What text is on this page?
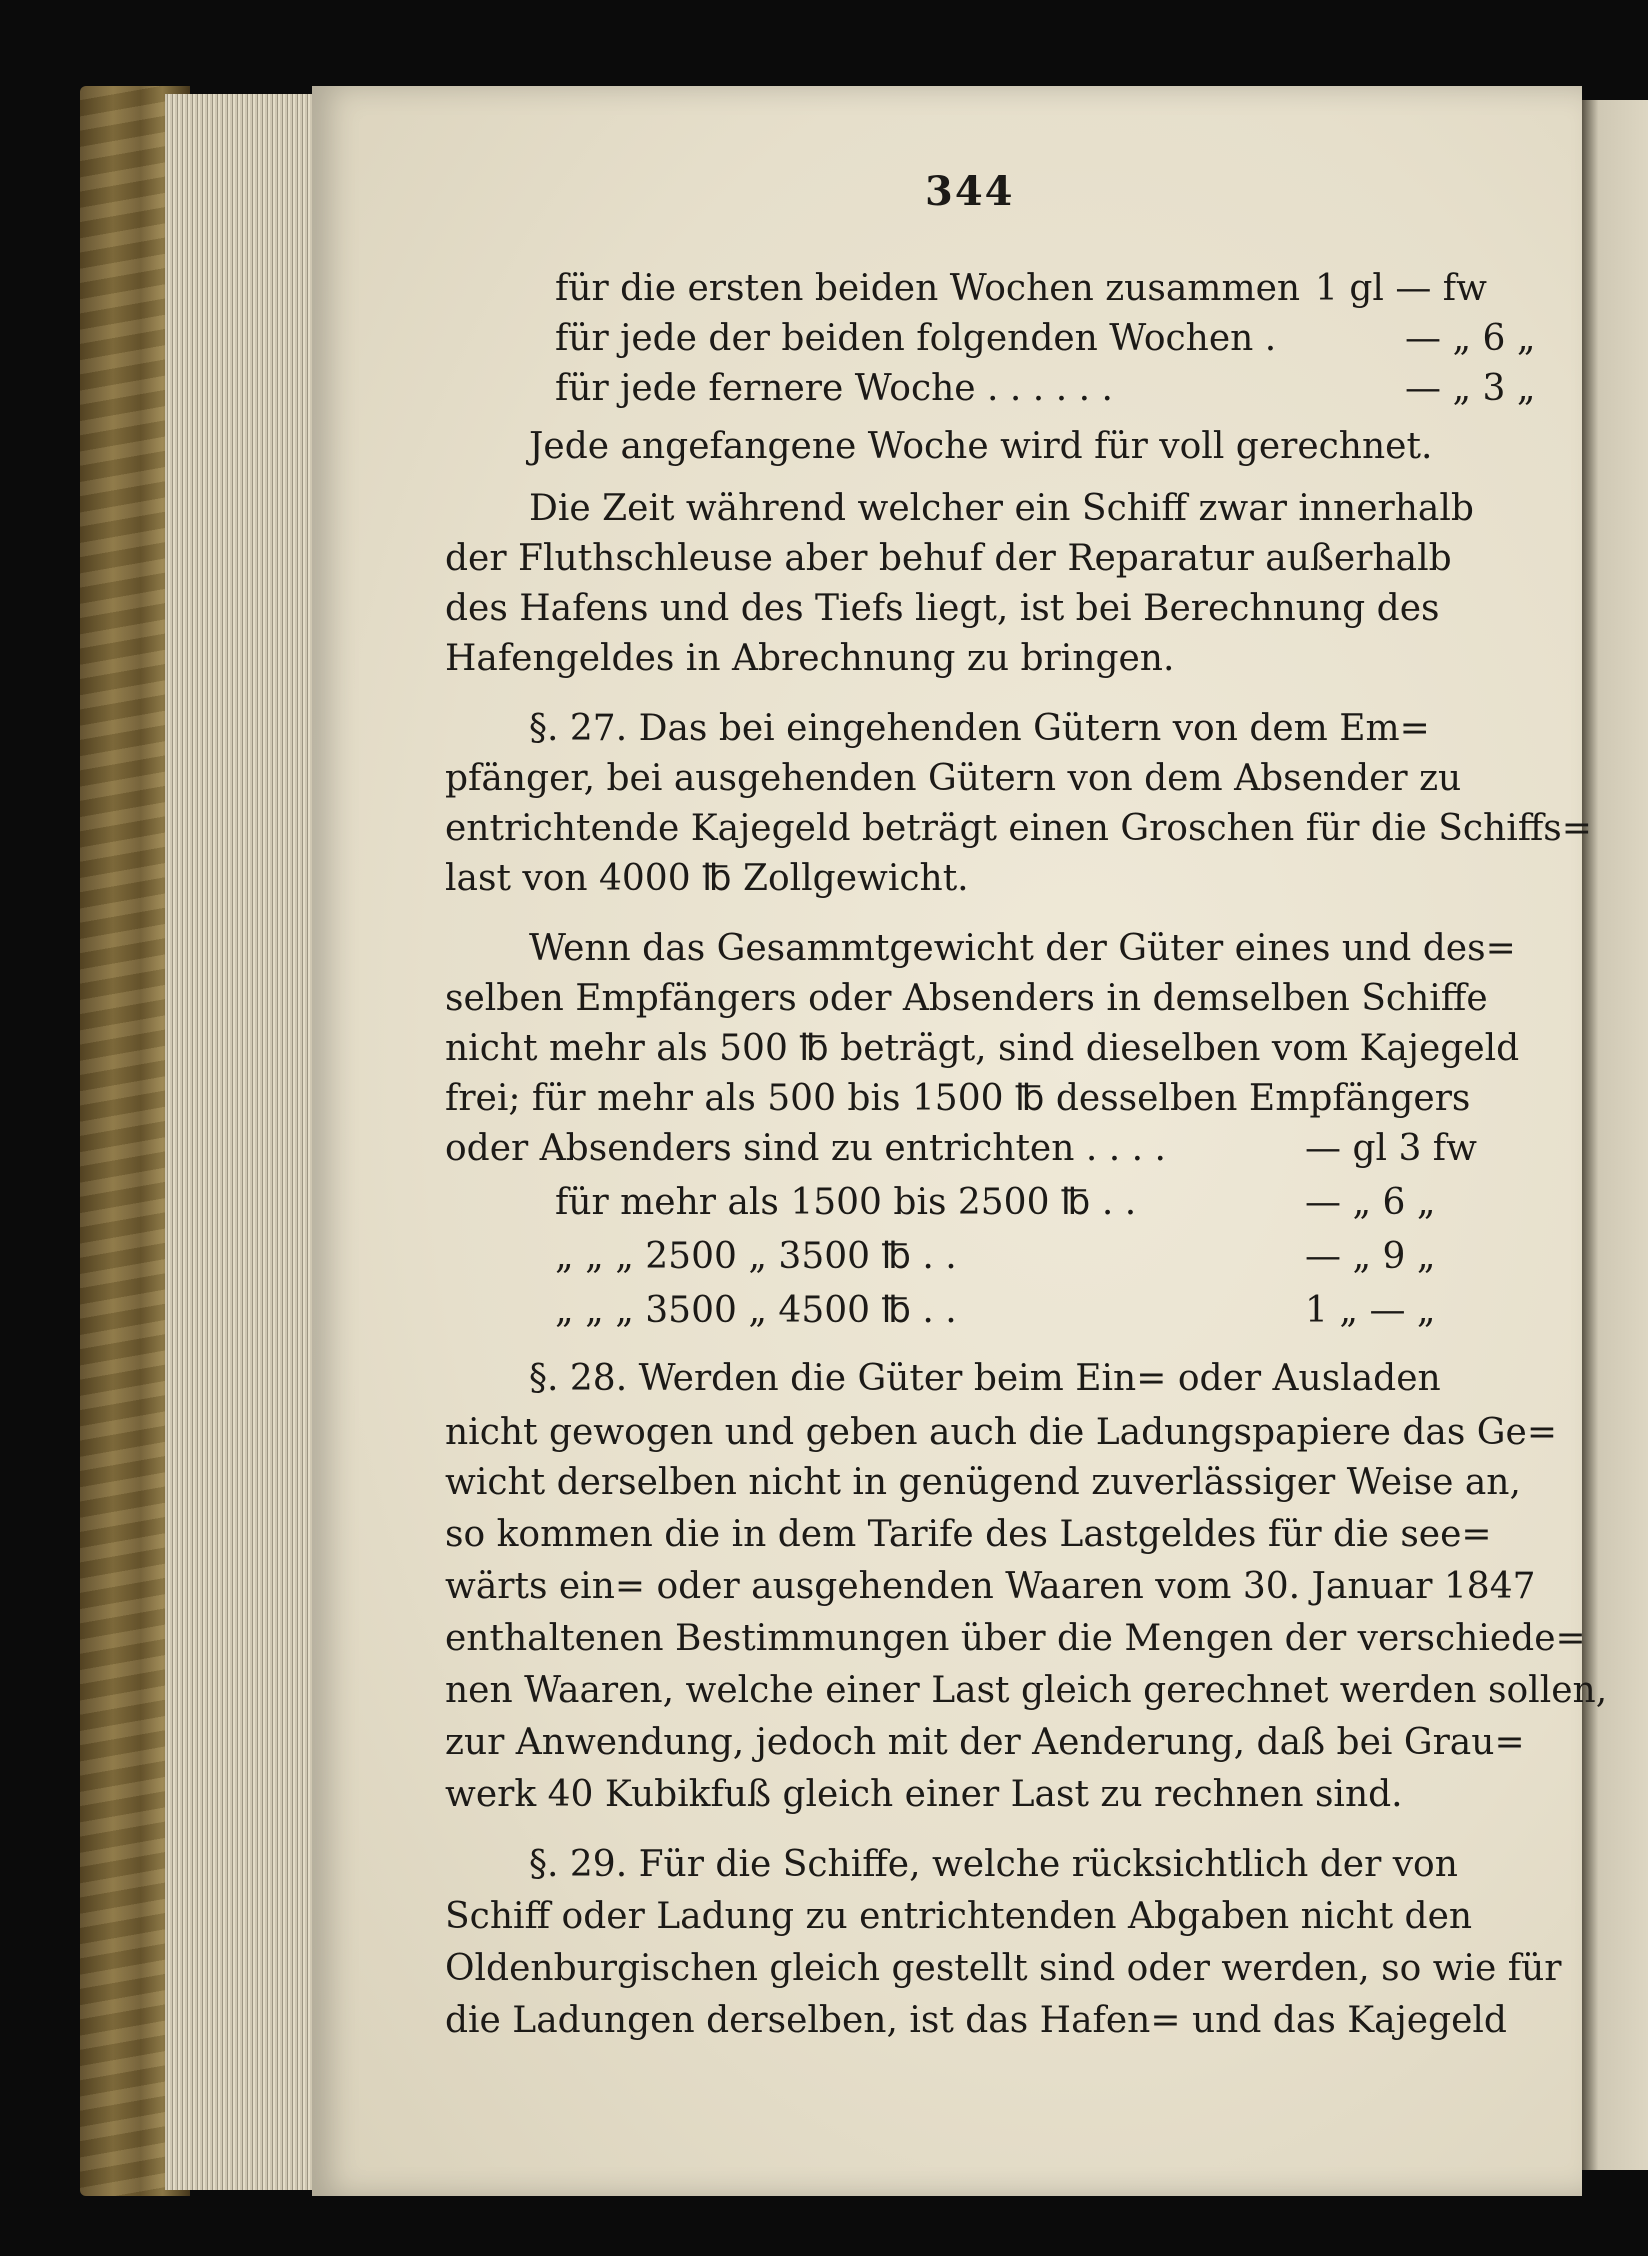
344
für die ersten beiden Wochen zusammen 1 gl — fw
für jede der beiden folgenden Wochen .	— „ 6 „
für jede fernere Woche . . . . . .	— „ 3 „
Jede angefangene Woche wird für voll gerechnet.
Die Zeit während welcher ein Schiff zwar innerhalb
der Fluthschleuse aber behuf der Reparatur außerhalb
des Hafens und des Tiefs liegt, ist bei Berechnung des
Hafengeldes in Abrechnung zu bringen.
§. 27. Das bei eingehenden Gütern von dem Em=
pfänger, bei ausgehenden Gütern von dem Absender zu
entrichtende Kajegeld beträgt einen Groschen für die Schiffs=
last von 4000 ℔ Zollgewicht.
Wenn das Gesammtgewicht der Güter eines und des=
selben Empfängers oder Absenders in demselben Schiffe
nicht mehr als 500 ℔ beträgt, sind dieselben vom Kajegeld
frei; für mehr als 500 bis 1500 ℔ desselben Empfängers
oder Absenders sind zu entrichten . . . .	— gl 3 fw
für mehr als 1500 bis 2500 ℔ . .	— „ 6 „
„ „ „ 2500 „ 3500 ℔ . .	— „ 9 „
„ „ „ 3500 „ 4500 ℔ . .	1 „ — „
§. 28. Werden die Güter beim Ein= oder Ausladen
nicht gewogen und geben auch die Ladungspapiere das Ge=
wicht derselben nicht in genügend zuverlässiger Weise an,
so kommen die in dem Tarife des Lastgeldes für die see=
wärts ein= oder ausgehenden Waaren vom 30. Januar 1847
enthaltenen Bestimmungen über die Mengen der verschiede=
nen Waaren, welche einer Last gleich gerechnet werden sollen,
zur Anwendung, jedoch mit der Aenderung, daß bei Grau=
werk 40 Kubikfuß gleich einer Last zu rechnen sind.
§. 29. Für die Schiffe, welche rücksichtlich der von
Schiff oder Ladung zu entrichtenden Abgaben nicht den
Oldenburgischen gleich gestellt sind oder werden, so wie für
die Ladungen derselben, ist das Hafen= und das Kajegeld
